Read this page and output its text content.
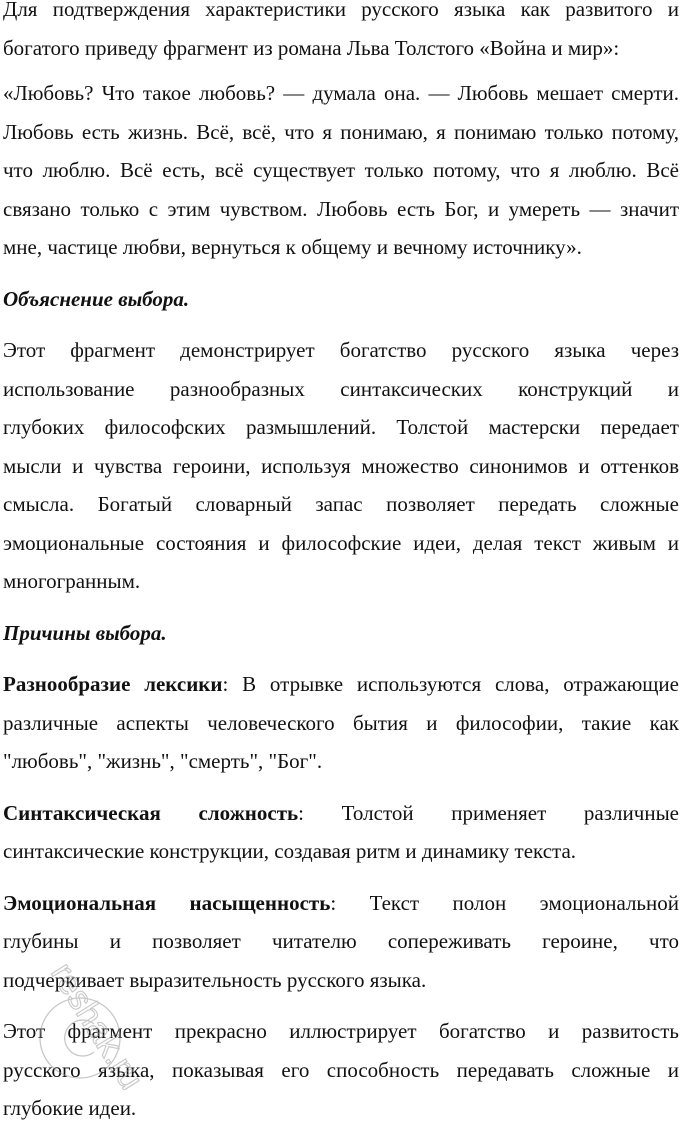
Для подтверждения характеристики русского языка как развитого и
богатого приведу фрагмент из романа Льва Толстого «Война и мир»:

«Любовь? Что такое любовь? — думала она. — Любовь мешает смерти.
Любовь есть жизнь. Всё, всё, что я понимаю, я понимаю только потому,
что люблю. Всё есть, всё существует только потому, что я люблю. Всё
связано только с этим чувством. Любовь есть Бог, и умереть — значит
мне, частице любви, вернуться к общему и вечному источнику».

Объяснение выбора.

Этот фрагмент демонстрирует богатство русского языка через
использование разнообразных синтаксических конструкций и
глубоких философских размышлений. Толстой мастерски передает
мысли и чувства героини, используя множество синонимов и оттенков
смысла. Богатый словарный запас позволяет передать сложные
эмоциональные состояния и философские идеи, делая текст живым и
многогранным.

Причины выбора.

Разнообразие лексики: В отрывке используются слова, отражающие
различные аспекты человеческого бытия и философии, такие как
"любовь", "жизнь", "смерть", "Бог".

Синтаксическая сложность: Толстой применяет различные
синтаксические конструкции, создавая ритм и динамику текста.

Эмоциональная насыщенность: Текст полон эмоциональной
глубины и позволяет читателю сопереживать героине, что
подчеркивает выразительность русского языка.

Этот фрагмент прекрасно иллюстрирует богатство и развитость
русского языка, показывая его способность передавать сложные и
глубокие идеи.

reshak.ru
